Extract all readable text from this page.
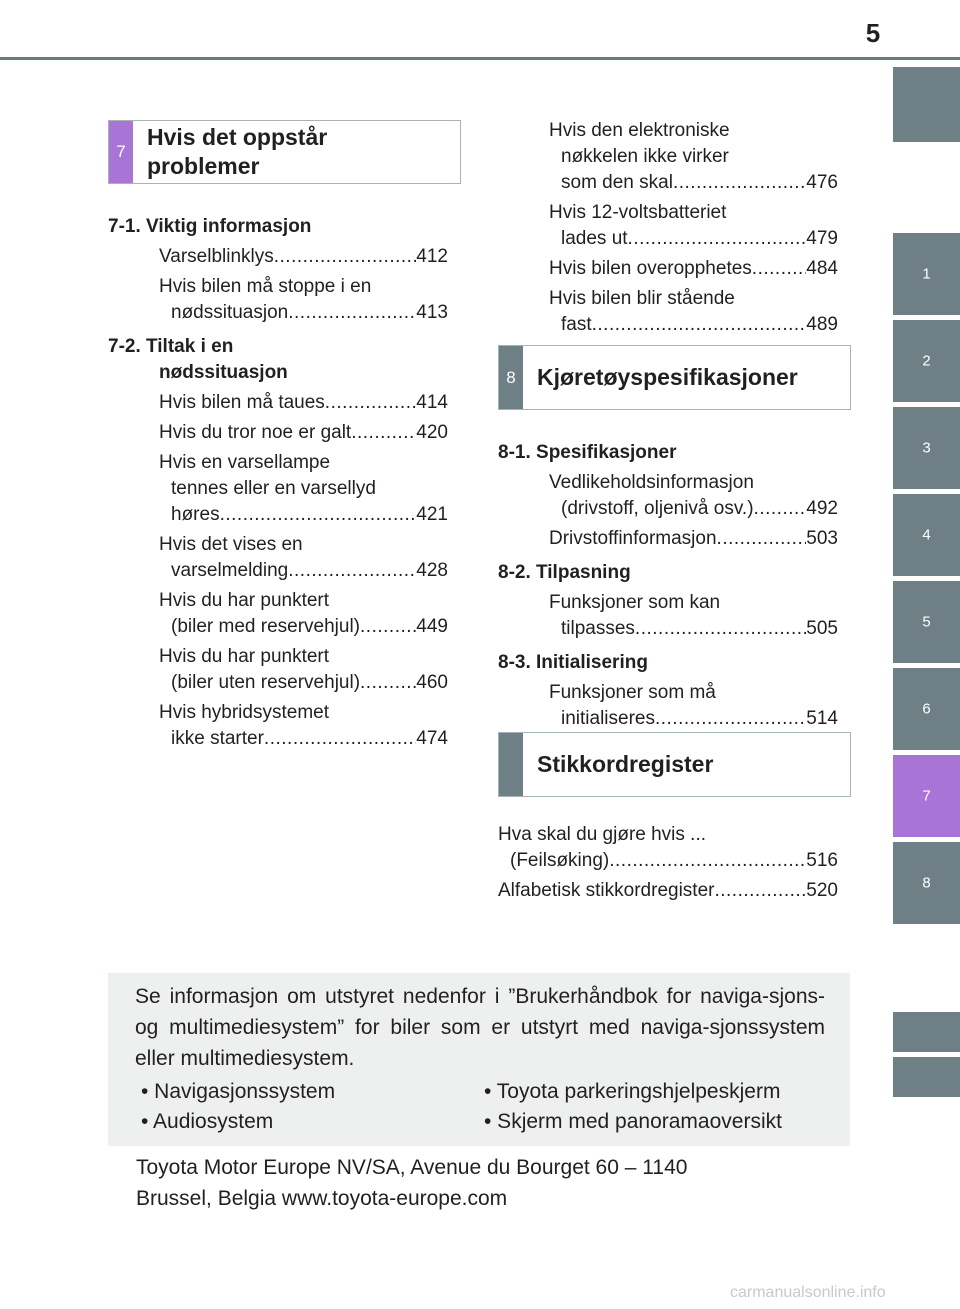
5
1
2
3
4
5
6
7
8
7
Hvis det oppstår
problemer
7-1. Viktig informasjon
Varselblinklys .....	412
Hvis bilen må stoppe i en
nødssituasjon .....	413
7-2. Tiltak i en
nødssituasjon
Hvis bilen må taues .....	414
Hvis du tror noe er galt .....	420
Hvis en varsellampe
tennes eller en varsellyd
høres .....	421
Hvis det vises en
varselmelding .....	428
Hvis du har punktert
(biler med reservehjul) .....	449
Hvis du har punktert
(biler uten reservehjul) .....	460
Hvis hybridsystemet
ikke starter .....	474
Hvis den elektroniske
nøkkelen ikke virker
som den skal .....	476
Hvis 12-voltsbatteriet
lades ut .....	479
Hvis bilen overopphetes .....	484
Hvis bilen blir stående
fast .....	489
8 Kjøretøyspesifikasjoner
8-1. Spesifikasjoner
Vedlikeholdsinformasjon
(drivstoff, oljenivå osv.) .....	492
Drivstoffinformasjon .....	503
8-2. Tilpasning
Funksjoner som kan
tilpasses .....	505
8-3. Initialisering
Funksjoner som må
initialiseres .....	514
Stikkordregister
Hva skal du gjøre hvis ...
(Feilsøking) .....	516
Alfabetisk stikkordregister .....	520
Se informasjon om utstyret nedenfor i ”Brukerhåndbok for naviga-sjons- og multimediesystem” for biler som er utstyrt med naviga-sjonssystem eller multimediesystem.
• Navigasjonssystem
• Audiosystem
• Toyota parkeringshjelpeskjerm
• Skjerm med panoramaoversikt
Toyota Motor Europe NV/SA, Avenue du Bourget 60 – 1140
Brussel, Belgia www.toyota-europe.com
carmanualsonline.info
